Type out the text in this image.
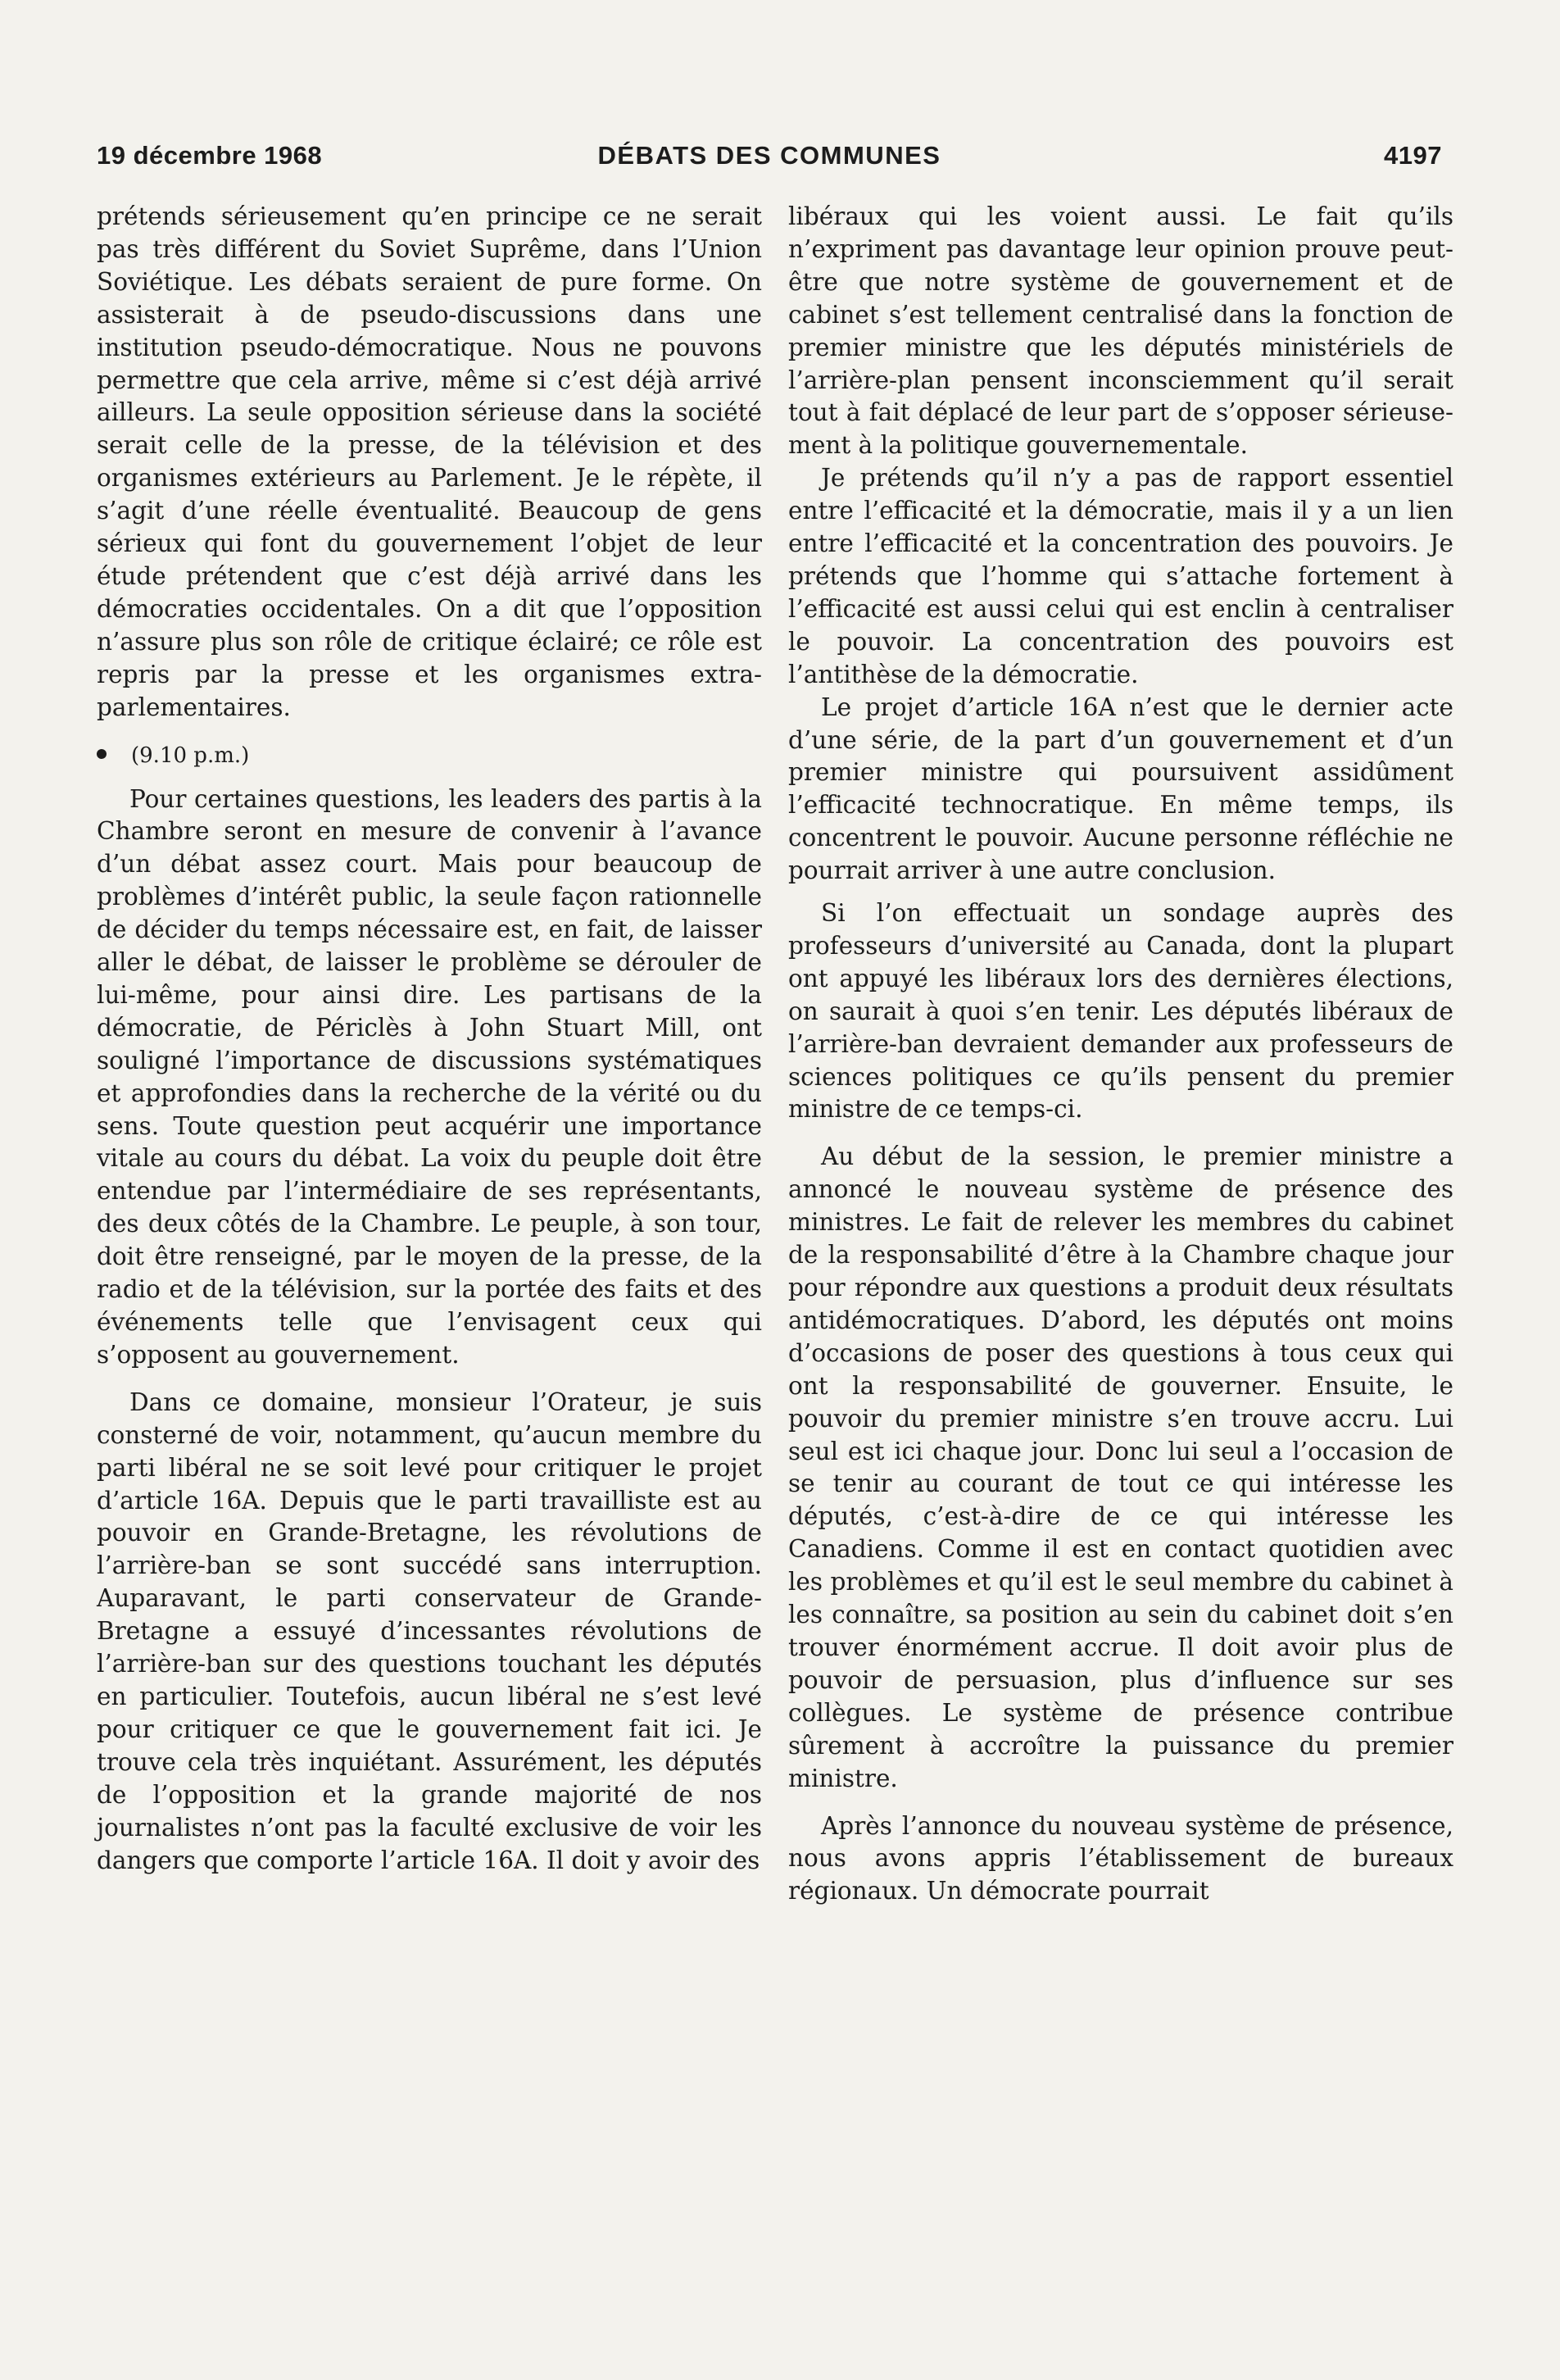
19 décembre 1968	DÉBATS DES COMMUNES	4197

prétends sérieusement qu’en principe ce ne serait pas très différent du Soviet Suprême, dans l’Union Soviétique. Les débats seraient de pure forme. On assisterait à de pseudo-discussions dans une institution pseudo-démocratique. Nous ne pouvons permettre que cela arrive, même si c’est déjà arrivé ailleurs. La seule opposition sérieuse dans la société serait celle de la presse, de la télévision et des organismes extérieurs au Parlement. Je le répète, il s’agit d’une réelle éventualité. Beaucoup de gens sérieux qui font du gouvernement l’objet de leur étude prétendent que c’est déjà arrivé dans les démocraties occidentales. On a dit que l’opposition n’assure plus son rôle de critique éclairé; ce rôle est repris par la presse et les organismes extraparlementaires.

(9.10 p.m.)

Pour certaines questions, les leaders des partis à la Chambre seront en mesure de convenir à l’avance d’un débat assez court. Mais pour beaucoup de problèmes d’intérêt public, la seule façon rationnelle de décider du temps nécessaire est, en fait, de laisser aller le débat, de laisser le problème se dérouler de lui-même, pour ainsi dire. Les partisans de la démocratie, de Périclès à John Stuart Mill, ont souligné l’importance de discussions systématiques et approfondies dans la recherche de la vérité ou du sens. Toute question peut acquérir une importance vitale au cours du débat. La voix du peuple doit être entendue par l’intermédiaire de ses représentants, des deux côtés de la Chambre. Le peuple, à son tour, doit être renseigné, par le moyen de la presse, de la radio et de la télévision, sur la portée des faits et des événements telle que l’envisagent ceux qui s’opposent au gouvernement.

Dans ce domaine, monsieur l’Orateur, je suis consterné de voir, notamment, qu’aucun membre du parti libéral ne se soit levé pour critiquer le projet d’article 16A. Depuis que le parti travailliste est au pouvoir en Grande-Bretagne, les révolutions de l’arrière-ban se sont succédé sans interruption. Auparavant, le parti conservateur de Grande-Bretagne a essuyé d’incessantes révolutions de l’arrière-ban sur des questions touchant les députés en particulier. Toutefois, aucun libéral ne s’est levé pour critiquer ce que le gouvernement fait ici. Je trouve cela très inquiétant. Assurément, les députés de l’opposition et la grande majorité de nos journalistes n’ont pas la faculté exclusive de voir les dangers que comporte l’article 16A. Il doit y avoir des

libéraux qui les voient aussi. Le fait qu’ils n’expriment pas davantage leur opinion prouve peut-être que notre système de gouvernement et de cabinet s’est tellement centralisé dans la fonction de premier ministre que les députés ministériels de l’arrière-plan pensent inconsciemment qu’il serait tout à fait déplacé de leur part de s’opposer sérieusement à la politique gouvernementale.

Je prétends qu’il n’y a pas de rapport essentiel entre l’efficacité et la démocratie, mais il y a un lien entre l’efficacité et la concentration des pouvoirs. Je prétends que l’homme qui s’attache fortement à l’efficacité est aussi celui qui est enclin à centraliser le pouvoir. La concentration des pouvoirs est l’antithèse de la démocratie.

Le projet d’article 16A n’est que le dernier acte d’une série, de la part d’un gouvernement et d’un premier ministre qui poursuivent assidûment l’efficacité technocratique. En même temps, ils concentrent le pouvoir. Aucune personne réfléchie ne pourrait arriver à une autre conclusion.

Si l’on effectuait un sondage auprès des professeurs d’université au Canada, dont la plupart ont appuyé les libéraux lors des dernières élections, on saurait à quoi s’en tenir. Les députés libéraux de l’arrière-ban devraient demander aux professeurs de sciences politiques ce qu’ils pensent du premier ministre de ce temps-ci.

Au début de la session, le premier ministre a annoncé le nouveau système de présence des ministres. Le fait de relever les membres du cabinet de la responsabilité d’être à la Chambre chaque jour pour répondre aux questions a produit deux résultats antidémocratiques. D’abord, les députés ont moins d’occasions de poser des questions à tous ceux qui ont la responsabilité de gouverner. Ensuite, le pouvoir du premier ministre s’en trouve accru. Lui seul est ici chaque jour. Donc lui seul a l’occasion de se tenir au courant de tout ce qui intéresse les députés, c’est-à-dire de ce qui intéresse les Canadiens. Comme il est en contact quotidien avec les problèmes et qu’il est le seul membre du cabinet à les connaître, sa position au sein du cabinet doit s’en trouver énormément accrue. Il doit avoir plus de pouvoir de persuasion, plus d’influence sur ses collègues. Le système de présence contribue sûrement à accroître la puissance du premier ministre.

Après l’annonce du nouveau système de présence, nous avons appris l’établissement de bureaux régionaux. Un démocrate pourrait
